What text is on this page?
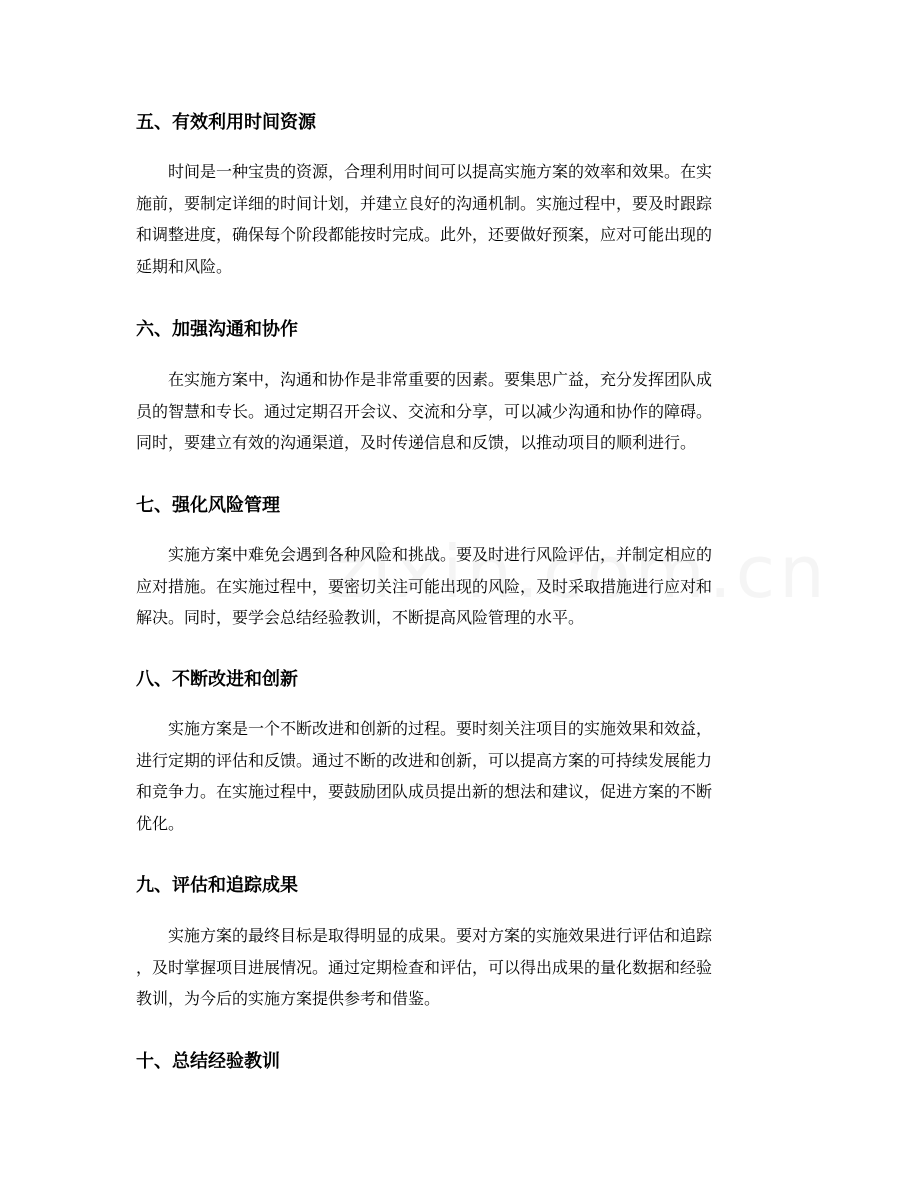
五、有效利用时间资源
时间是一种宝贵的资源，合理利用时间可以提高实施方案的效率和效果。在实
施前，要制定详细的时间计划，并建立良好的沟通机制。实施过程中，要及时跟踪
和调整进度，确保每个阶段都能按时完成。此外，还要做好预案，应对可能出现的
延期和风险。
六、加强沟通和协作
在实施方案中，沟通和协作是非常重要的因素。要集思广益，充分发挥团队成
员的智慧和专长。通过定期召开会议、交流和分享，可以减少沟通和协作的障碍。
同时，要建立有效的沟通渠道，及时传递信息和反馈，以推动项目的顺利进行。
七、强化风险管理
实施方案中难免会遇到各种风险和挑战。要及时进行风险评估，并制定相应的
应对措施。在实施过程中，要密切关注可能出现的风险，及时采取措施进行应对和
解决。同时，要学会总结经验教训，不断提高风险管理的水平。
八、不断改进和创新
实施方案是一个不断改进和创新的过程。要时刻关注项目的实施效果和效益，
进行定期的评估和反馈。通过不断的改进和创新，可以提高方案的可持续发展能力
和竞争力。在实施过程中，要鼓励团队成员提出新的想法和建议，促进方案的不断
优化。
九、评估和追踪成果
实施方案的最终目标是取得明显的成果。要对方案的实施效果进行评估和追踪
，及时掌握项目进展情况。通过定期检查和评估，可以得出成果的量化数据和经验
教训，为今后的实施方案提供参考和借鉴。
十、总结经验教训
